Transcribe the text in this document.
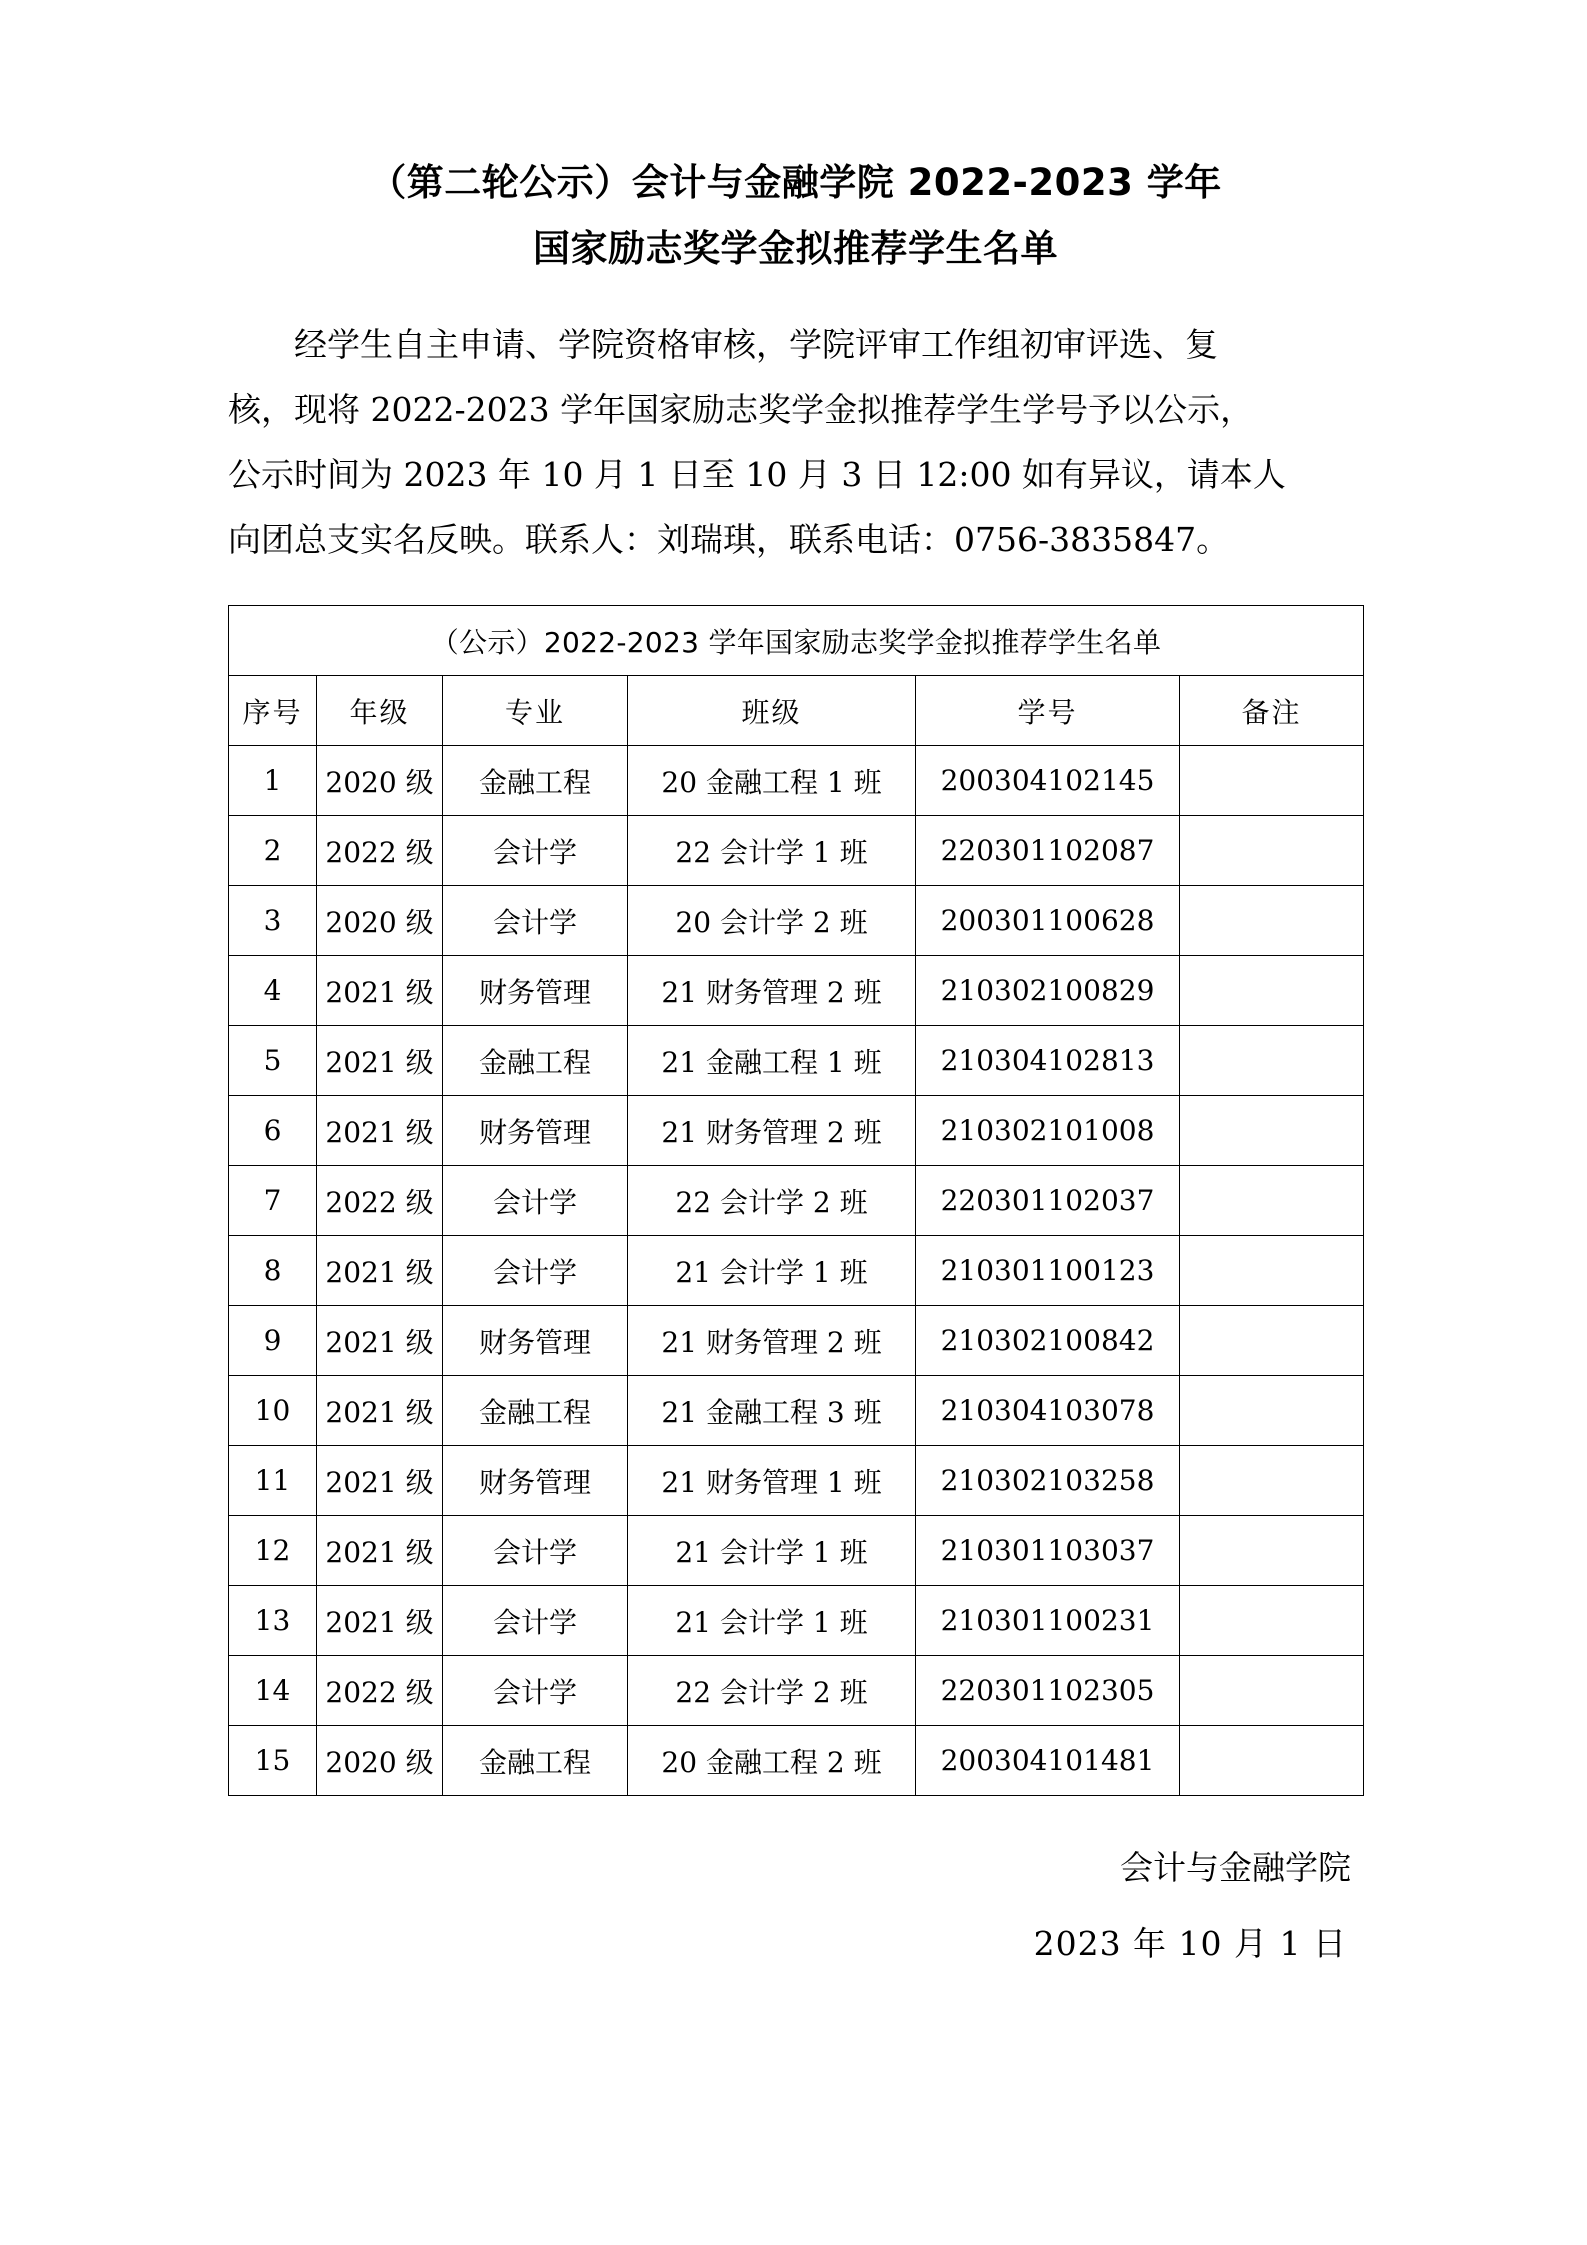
（第二轮公示）会计与金融学院 2022-2023 学年
国家励志奖学金拟推荐学生名单

经学生自主申请、学院资格审核，学院评审工作组初审评选、复
核，现将 2022-2023 学年国家励志奖学金拟推荐学生学号予以公示，
公示时间为 2023 年 10 月 1 日至 10 月 3 日 12:00 如有异议，请本人
向团总支实名反映。联系人：刘瑞琪，联系电话：0756-3835847。

（公示）2022-2023 学年国家励志奖学金拟推荐学生名单					
序号	年级	专业	班级	学号	备注
1	2020 级	金融工程	20 金融工程 1 班	200304102145	
2	2022 级	会计学	22 会计学 1 班	220301102087	
3	2020 级	会计学	20 会计学 2 班	200301100628	
4	2021 级	财务管理	21 财务管理 2 班	210302100829	
5	2021 级	金融工程	21 金融工程 1 班	210304102813	
6	2021 级	财务管理	21 财务管理 2 班	210302101008	
7	2022 级	会计学	22 会计学 2 班	220301102037	
8	2021 级	会计学	21 会计学 1 班	210301100123	
9	2021 级	财务管理	21 财务管理 2 班	210302100842	
10	2021 级	金融工程	21 金融工程 3 班	210304103078	
11	2021 级	财务管理	21 财务管理 1 班	210302103258	
12	2021 级	会计学	21 会计学 1 班	210301103037	
13	2021 级	会计学	21 会计学 1 班	210301100231	
14	2022 级	会计学	22 会计学 2 班	220301102305	
15	2020 级	金融工程	20 金融工程 2 班	200304101481	
会计与金融学院
2023 年 10 月 1 日
